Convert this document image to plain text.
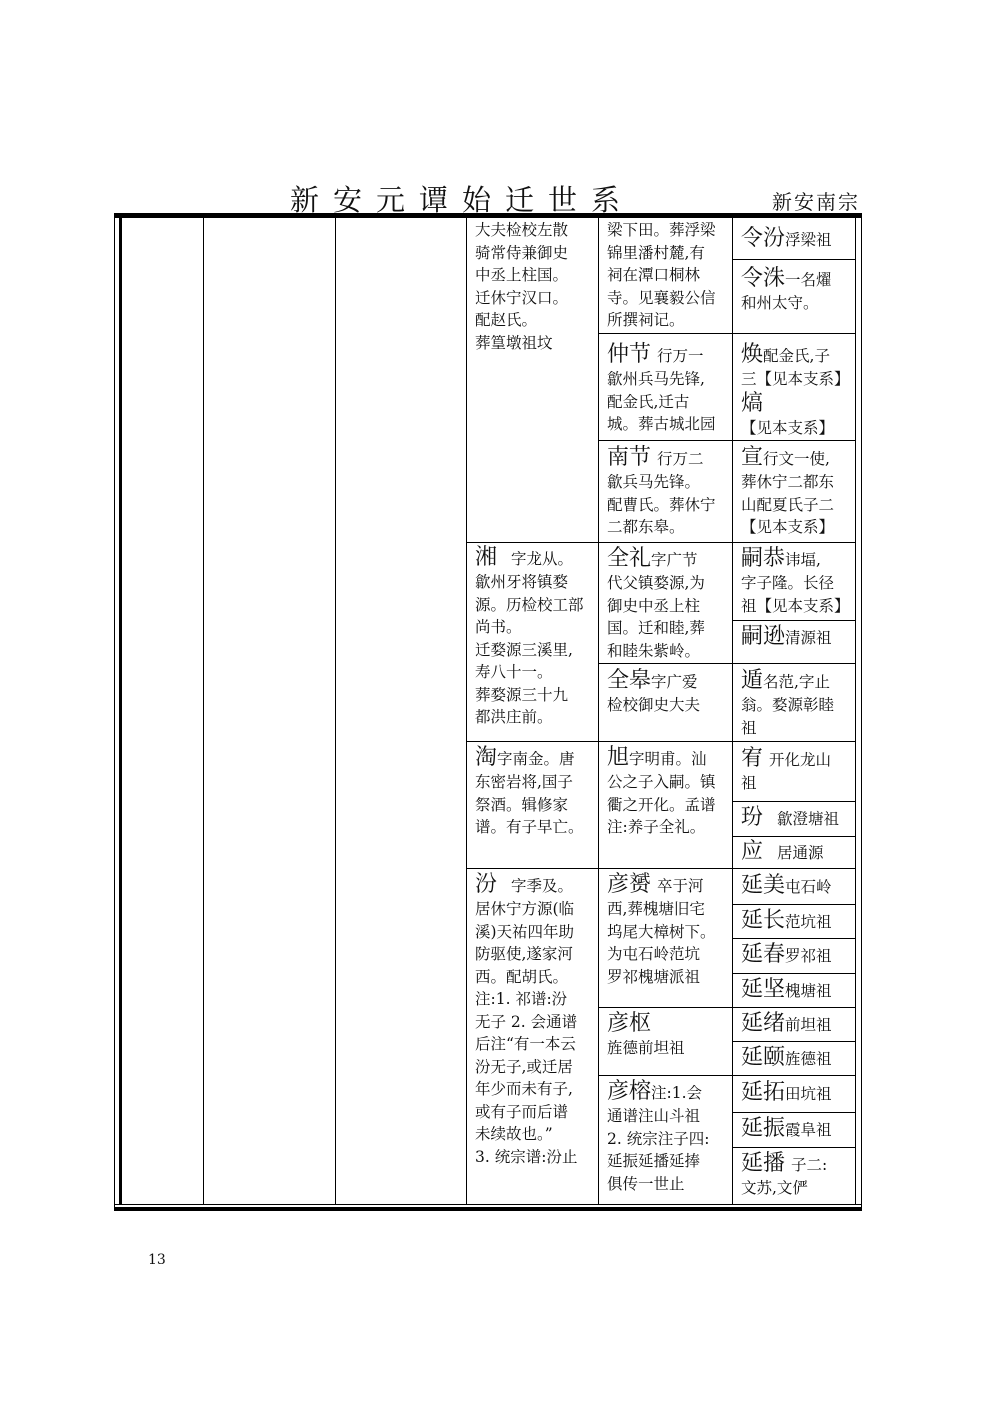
新安元谭始迁世系	新安南宗
大夫检校左散
骑常侍兼御史
中丞上柱国。
迁休宁汉口。
配赵氏。
葬篁墩祖坟
湘 字龙从。
歙州牙将镇婺
源。历检校工部
尚书。
迁婺源三溪里,
寿八十一。
葬婺源三十九
都洪庄前。
淘字南金。唐
东密岩将,国子
祭酒。辑修家
谱。有子早亡。
汾 字季及。
居休宁方源(临
溪)天祐四年助
防驱使,遂家河
西。配胡氏。
注:1. 祁谱:汾
无子 2. 会通谱
后注“有一本云
汾无子,或迁居
年少而未有子,
或有子而后谱
未续故也。”
3. 统宗谱:汾止
梁下田。葬浮梁
锦里潘村麓,有
祠在潭口桐林
寺。见襄毅公信
所撰祠记。
仲节 行万一
歙州兵马先锋,
配金氏,迁古
城。葬古城北园
南节 行万二
歙兵马先锋。
配曹氏。葬休宁
二都东皋。
全礼字广节
代父镇婺源,为
御史中丞上柱
国。迁和睦,葬
和睦朱紫岭。
全皋字广爱
检校御史大夫
旭字明甫。汕
公之子入嗣。镇
衢之开化。孟谱
注:养子全礼。
彦赟 卒于河
西,葬槐塘旧宅
坞尾大樟树下。
为屯石岭范坑
罗祁槐塘派祖
彦枢
旌德前坦祖
彦榕注:1.会
通谱注山斗祖
2. 统宗注子四:
延振延播延捧
俱传一世止
令汾浮梁祖
令洙一名燿
和州太守。
焕配金氏,子
三【见本支系】
熇【见本支系】
宣行文一使,
葬休宁二都东
山配夏氏子二
【见本支系】
嗣恭讳堛,
字子隆。长径
祖【见本支系】
嗣逊清源祖
遁名范,字止
翁。婺源彰睦
祖
宥 开化龙山
祖
玢 歙澄塘祖
应 居通源
延美屯石岭
延长范坑祖
延春罗祁祖
延坚槐塘祖
延绪前坦祖
延颐旌德祖
延拓田坑祖
延振霞阜祖
延播 子二:
文苏,文俨
13
